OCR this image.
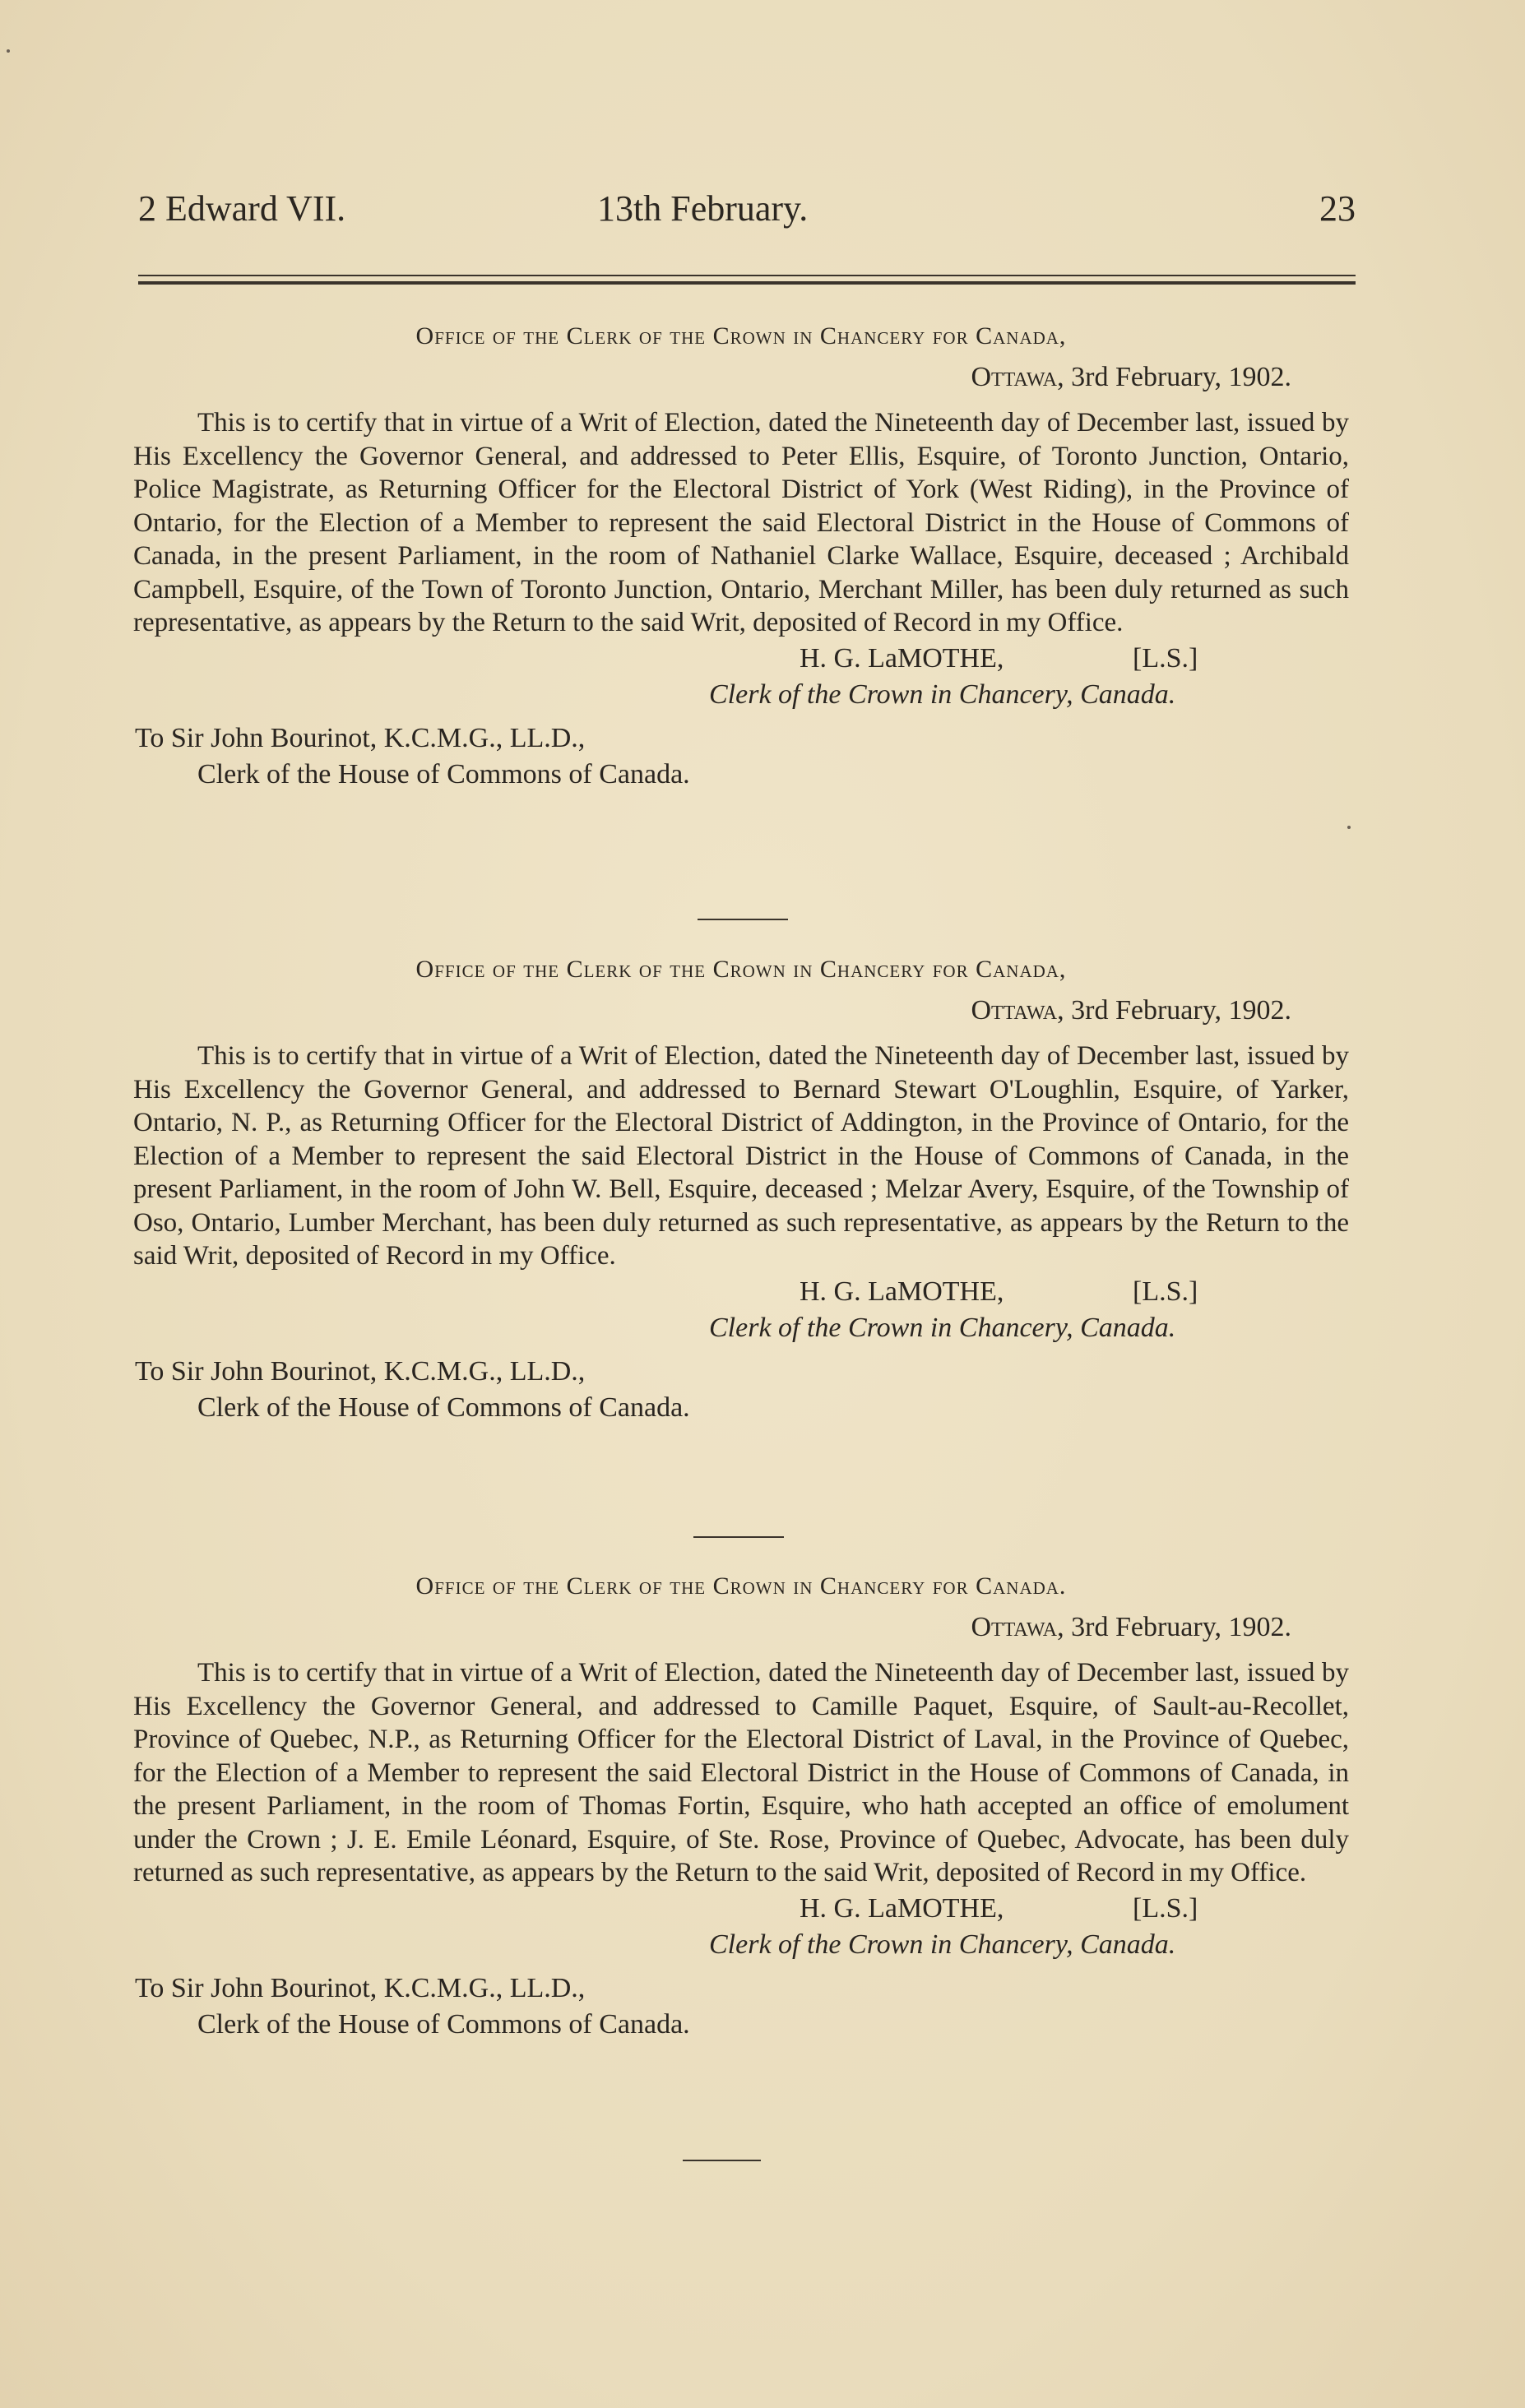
2 Edward VII.	13th February.	23

Office of the Clerk of the Crown in Chancery for Canada,

Ottawa, 3rd February, 1902.

This is to certify that in virtue of a Writ of Election, dated the Nineteenth day of December last, issued by His Excellency the Governor General, and addressed to Peter Ellis, Esquire, of Toronto Junction, Ontario, Police Magistrate, as Returning Officer for the Electoral District of York (West Riding), in the Province of Ontario, for the Election of a Member to represent the said Electoral District in the House of Commons of Canada, in the present Parliament, in the room of Nathaniel Clarke Wallace, Esquire, deceased ; Archibald Campbell, Esquire, of the Town of Toronto Junction, Ontario, Merchant Miller, has been duly returned as such representative, as appears by the Return to the said Writ, deposited of Record in my Office.

H. G. LaMOTHE,	[L.S.]
Clerk of the Crown in Chancery, Canada.
To Sir John Bourinot, K.C.M.G., LL.D.,
Clerk of the House of Commons of Canada.

Office of the Clerk of the Crown in Chancery for Canada,

Ottawa, 3rd February, 1902.

This is to certify that in virtue of a Writ of Election, dated the Nineteenth day of December last, issued by His Excellency the Governor General, and addressed to Bernard Stewart O'Loughlin, Esquire, of Yarker, Ontario, N. P., as Returning Officer for the Electoral District of Addington, in the Province of Ontario, for the Election of a Member to represent the said Electoral District in the House of Commons of Canada, in the present Parliament, in the room of John W. Bell, Esquire, deceased ; Melzar Avery, Esquire, of the Township of Oso, Ontario, Lumber Merchant, has been duly returned as such representative, as appears by the Return to the said Writ, deposited of Record in my Office.

H. G. LaMOTHE,	[L.S.]
Clerk of the Crown in Chancery, Canada.
To Sir John Bourinot, K.C.M.G., LL.D.,
Clerk of the House of Commons of Canada.

Office of the Clerk of the Crown in Chancery for Canada.

Ottawa, 3rd February, 1902.

This is to certify that in virtue of a Writ of Election, dated the Nineteenth day of December last, issued by His Excellency the Governor General, and addressed to Camille Paquet, Esquire, of Sault-au-Recollet, Province of Quebec, N.P., as Returning Officer for the Electoral District of Laval, in the Province of Quebec, for the Election of a Member to represent the said Electoral District in the House of Commons of Canada, in the present Parliament, in the room of Thomas Fortin, Esquire, who hath accepted an office of emolument under the Crown ; J. E. Emile Léonard, Esquire, of Ste. Rose, Province of Quebec, Advocate, has been duly returned as such representative, as appears by the Return to the said Writ, deposited of Record in my Office.

H. G. LaMOTHE,	[L.S.]
Clerk of the Crown in Chancery, Canada.
To Sir John Bourinot, K.C.M.G., LL.D.,
Clerk of the House of Commons of Canada.
